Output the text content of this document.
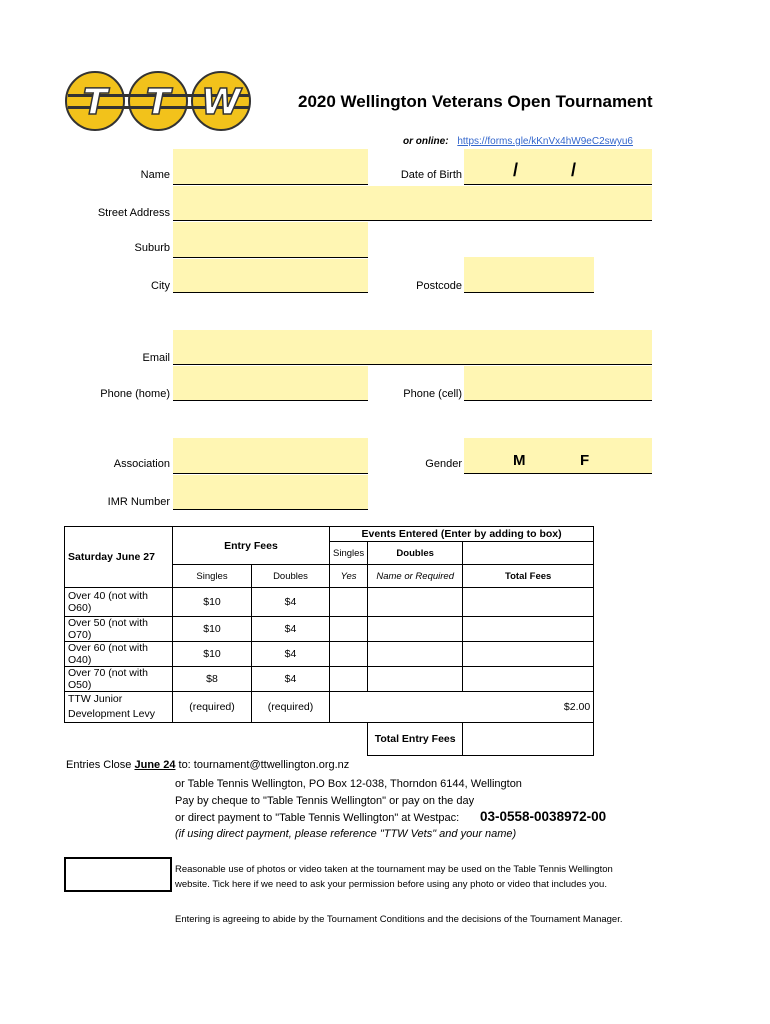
T T W	2020 Wellington Veterans Open Tournament
or online: https://forms.gle/kKnVx4hW9eC2swyu6
Name	Date of Birth	/	/
Street Address
Suburb
City	Postcode
Email
Phone (home)	Phone (cell)
Association	Gender	M	F
IMR Number
Saturday June 27	Entry Fees		Events Entered (Enter by adding to box)		
			Singles	Doubles	
	Singles	Doubles	Yes	Name or Required	Total Fees
Over 40 (not with O60)	$10	$4			
Over 50 (not with O70)	$10	$4			
Over 60 (not with O40)	$10	$4			
Over 70 (not with O50)	$8	$4			
TTW Junior
Development Levy	(required)	(required)	$2.00		
				Total Entry Fees	
Entries Close June 24 to: tournament@ttwellington.org.nz
or Table Tennis Wellington, PO Box 12-038, Thorndon 6144, Wellington
Pay by cheque to "Table Tennis Wellington" or pay on the day
or direct payment to "Table Tennis Wellington" at Westpac: 03-0558-0038972-00
(if using direct payment, please reference "TTW Vets" and your name)
Reasonable use of photos or video taken at the tournament may be used on the Table Tennis Wellington
website. Tick here if we need to ask your permission before using any photo or video that includes you.
Entering is agreeing to abide by the Tournament Conditions and the decisions of the Tournament Manager.
